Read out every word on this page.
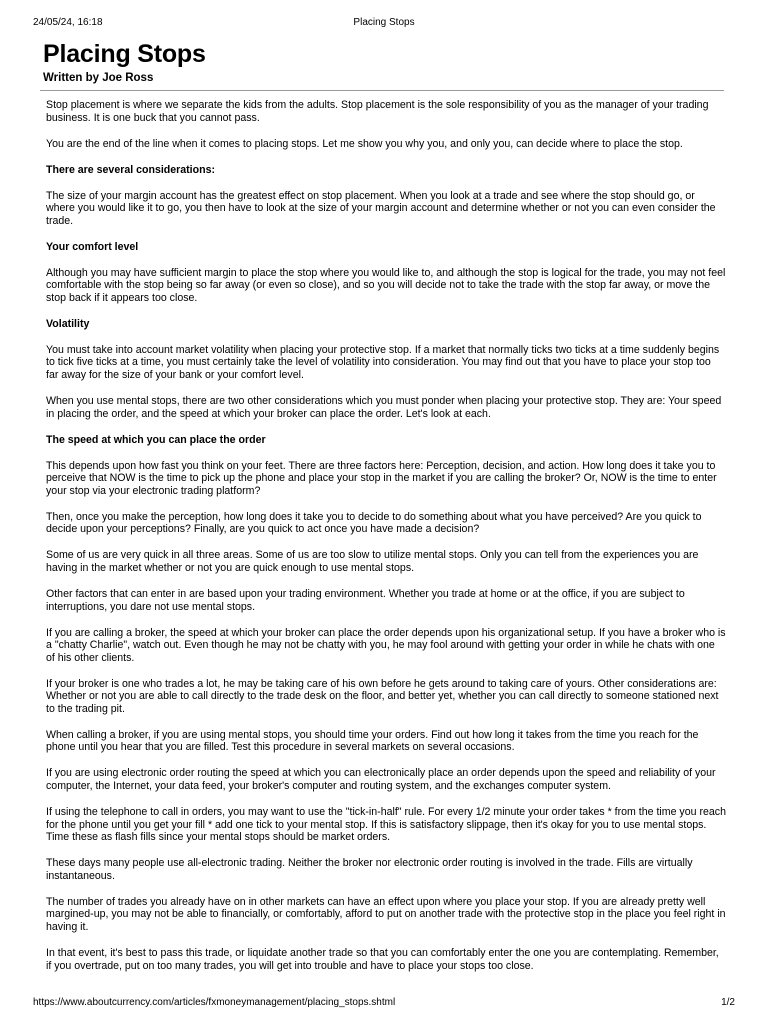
24/05/24, 16:18	Placing Stops
Placing Stops
Written by Joe Ross

Stop placement is where we separate the kids from the adults. Stop placement is the sole responsibility of you as the manager of your trading business. It is one buck that you cannot pass.

You are the end of the line when it comes to placing stops. Let me show you why you, and only you, can decide where to place the stop.

There are several considerations:

The size of your margin account has the greatest effect on stop placement. When you look at a trade and see where the stop should go, or where you would like it to go, you then have to look at the size of your margin account and determine whether or not you can even consider the trade.

Your comfort level

Although you may have sufficient margin to place the stop where you would like to, and although the stop is logical for the trade, you may not feel comfortable with the stop being so far away (or even so close), and so you will decide not to take the trade with the stop far away, or move the stop back if it appears too close.

Volatility

You must take into account market volatility when placing your protective stop. If a market that normally ticks two ticks at a time suddenly begins to tick five ticks at a time, you must certainly take the level of volatility into consideration. You may find out that you have to place your stop too far away for the size of your bank or your comfort level.

When you use mental stops, there are two other considerations which you must ponder when placing your protective stop. They are: Your speed in placing the order, and the speed at which your broker can place the order. Let's look at each.

The speed at which you can place the order

This depends upon how fast you think on your feet. There are three factors here: Perception, decision, and action. How long does it take you to perceive that NOW is the time to pick up the phone and place your stop in the market if you are calling the broker? Or, NOW is the time to enter your stop via your electronic trading platform?

Then, once you make the perception, how long does it take you to decide to do something about what you have perceived? Are you quick to decide upon your perceptions? Finally, are you quick to act once you have made a decision?

Some of us are very quick in all three areas. Some of us are too slow to utilize mental stops. Only you can tell from the experiences you are having in the market whether or not you are quick enough to use mental stops.

Other factors that can enter in are based upon your trading environment. Whether you trade at home or at the office, if you are subject to interruptions, you dare not use mental stops.

If you are calling a broker, the speed at which your broker can place the order depends upon his organizational setup. If you have a broker who is a "chatty Charlie", watch out. Even though he may not be chatty with you, he may fool around with getting your order in while he chats with one of his other clients.

If your broker is one who trades a lot, he may be taking care of his own before he gets around to taking care of yours. Other considerations are: Whether or not you are able to call directly to the trade desk on the floor, and better yet, whether you can call directly to someone stationed next to the trading pit.

When calling a broker, if you are using mental stops, you should time your orders. Find out how long it takes from the time you reach for the phone until you hear that you are filled. Test this procedure in several markets on several occasions.

If you are using electronic order routing the speed at which you can electronically place an order depends upon the speed and reliability of your computer, the Internet, your data feed, your broker's computer and routing system, and the exchanges computer system.

If using the telephone to call in orders, you may want to use the "tick-in-half" rule. For every 1/2 minute your order takes * from the time you reach for the phone until you get your fill * add one tick to your mental stop. If this is satisfactory slippage, then it's okay for you to use mental stops. Time these as flash fills since your mental stops should be market orders.

These days many people use all-electronic trading. Neither the broker nor electronic order routing is involved in the trade. Fills are virtually instantaneous.

The number of trades you already have on in other markets can have an effect upon where you place your stop. If you are already pretty well margined-up, you may not be able to financially, or comfortably, afford to put on another trade with the protective stop in the place you feel right in having it.

In that event, it's best to pass this trade, or liquidate another trade so that you can comfortably enter the one you are contemplating. Remember, if you overtrade, put on too many trades, you will get into trouble and have to place your stops too close.

https://www.aboutcurrency.com/articles/fxmoneymanagement/placing_stops.shtml	1/2
